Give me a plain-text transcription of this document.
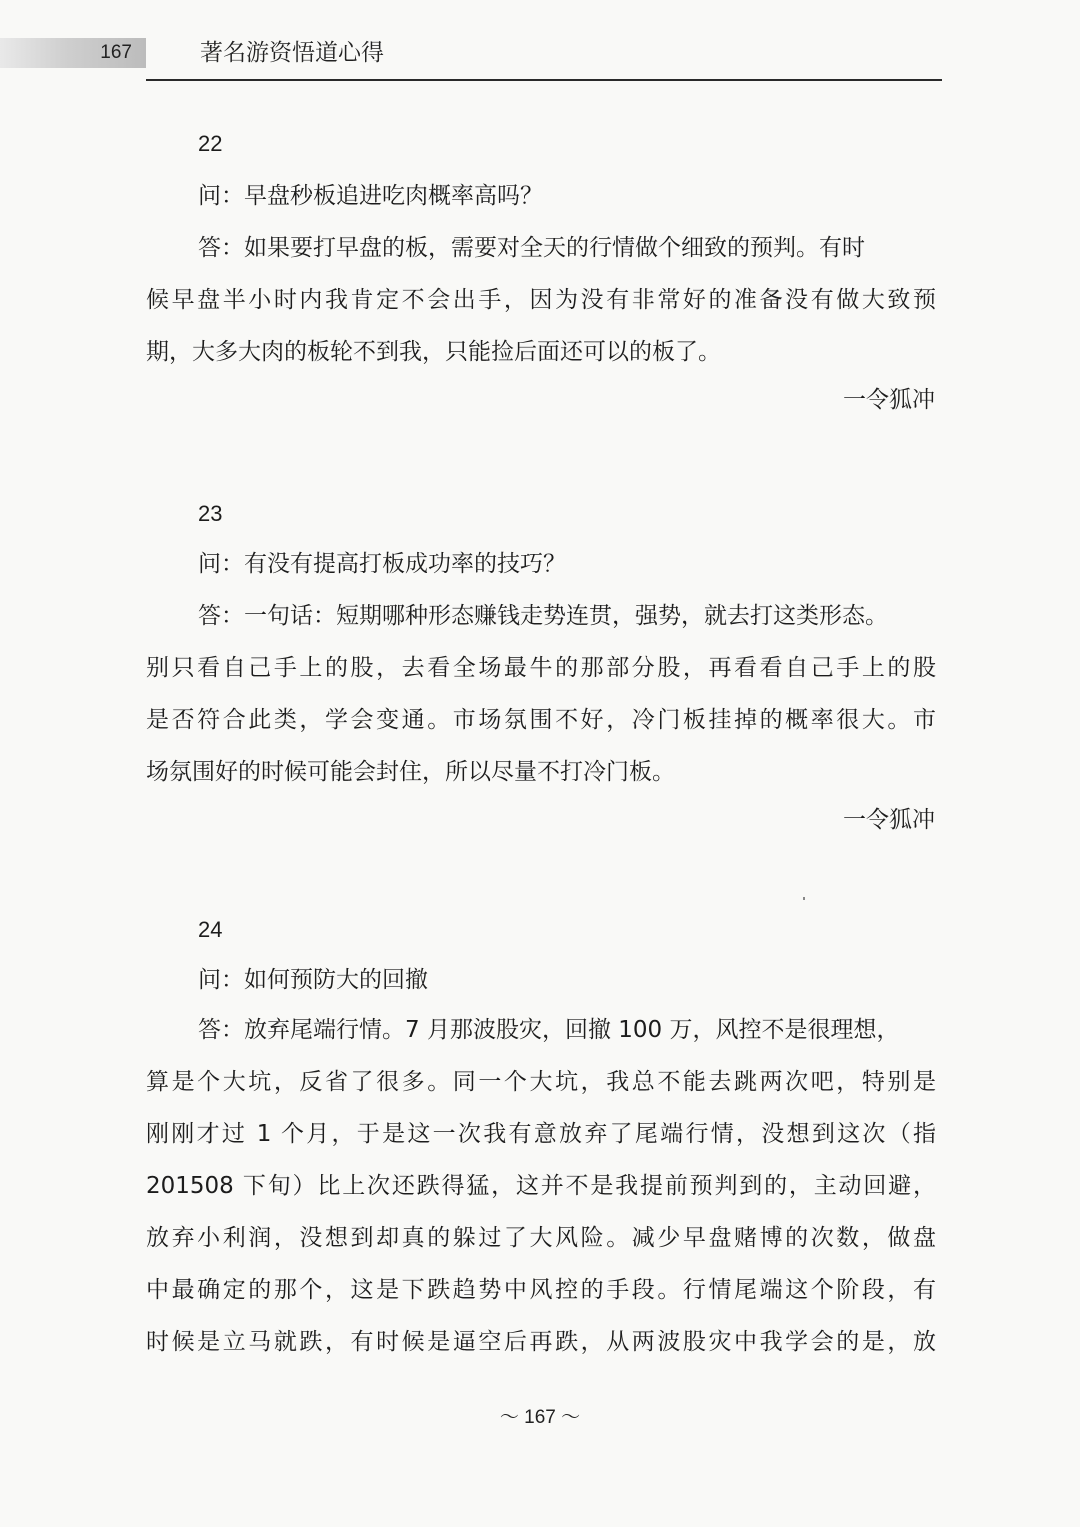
167	著名游资悟道心得
22
问：早盘秒板追进吃肉概率高吗？
答：如果要打早盘的板，需要对全天的行情做个细致的预判。有时
候早盘半小时内我肯定不会出手，因为没有非常好的准备没有做大致预
期，大多大肉的板轮不到我，只能捡后面还可以的板了。
一令狐冲
23
问：有没有提高打板成功率的技巧？
答：一句话：短期哪种形态赚钱走势连贯，强势，就去打这类形态。
别只看自己手上的股，去看全场最牛的那部分股，再看看自己手上的股
是否符合此类，学会变通。市场氛围不好，冷门板挂掉的概率很大。市
场氛围好的时候可能会封住，所以尽量不打冷门板。
一令狐冲
24
问：如何预防大的回撤
答：放弃尾端行情。7 月那波股灾，回撤 100 万，风控不是很理想，
算是个大坑，反省了很多。同一个大坑，我总不能去跳两次吧，特别是
刚刚才过 1 个月，于是这一次我有意放弃了尾端行情，没想到这次（指
201508 下旬）比上次还跌得猛，这并不是我提前预判到的，主动回避，
放弃小利润，没想到却真的躲过了大风险。减少早盘赌博的次数，做盘
中最确定的那个，这是下跌趋势中风控的手段。行情尾端这个阶段，有
时候是立马就跌，有时候是逼空后再跌，从两波股灾中我学会的是，放
～ 167 ～
